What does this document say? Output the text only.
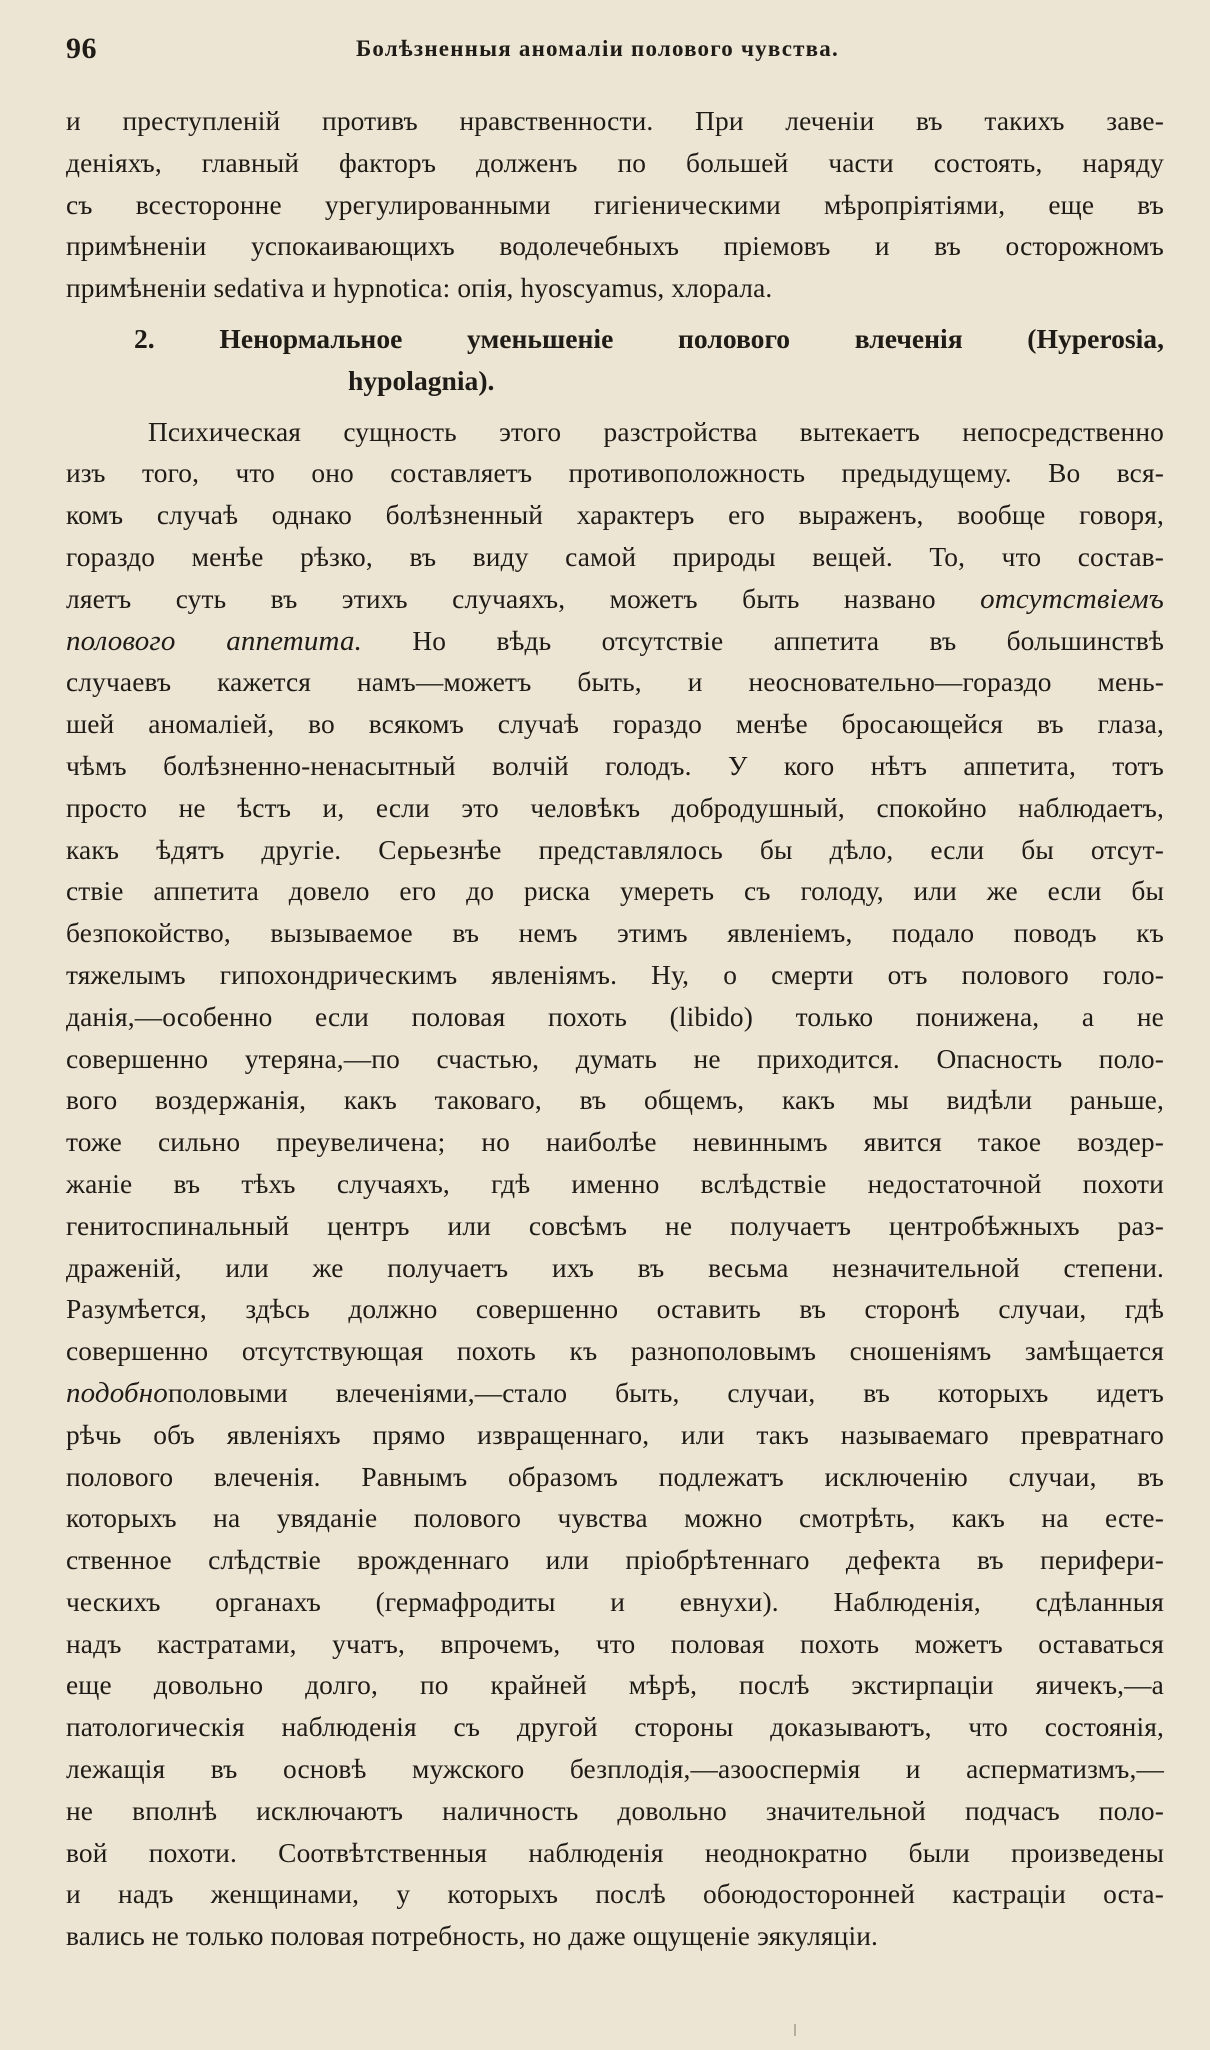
96	Болѣзненныя аномаліи полового чувства.
и преступленій противъ нравственности. При леченіи въ такихъ заве-
деніяхъ, главный факторъ долженъ по большей части состоять, наряду
съ всесторонне урегулированными гигіеническими мѣропріятіями, еще въ
примѣненіи успокаивающихъ водолечебныхъ пріемовъ и въ осторожномъ
примѣненіи sedativa и hypnotica: опія, hyoscyamus, хлорала.
2. Ненормальное уменьшеніе полового влеченія (Hyperosia,
hypolagnia).
Психическая сущность этого разстройства вытекаетъ непосредственно
изъ того, что оно составляетъ противоположность предыдущему. Во вся-
комъ случаѣ однако болѣзненный характеръ его выраженъ, вообще говоря,
гораздо менѣе рѣзко, въ виду самой природы вещей. То, что состав-
ляетъ суть въ этихъ случаяхъ, можетъ быть названо отсутствіемъ
полового аппетита. Но вѣдь отсутствіе аппетита въ большинствѣ
случаевъ кажется намъ—можетъ быть, и неосновательно—гораздо мень-
шей аномаліей, во всякомъ случаѣ гораздо менѣе бросающейся въ глаза,
чѣмъ болѣзненно-ненасытный волчій голодъ. У кого нѣтъ аппетита, тотъ
просто не ѣстъ и, если это человѣкъ добродушный, спокойно наблюдаетъ,
какъ ѣдятъ другіе. Серьезнѣе представлялось бы дѣло, если бы отсут-
ствіе аппетита довело его до риска умереть съ голоду, или же если бы
безпокойство, вызываемое въ немъ этимъ явленіемъ, подало поводъ къ
тяжелымъ гипохондрическимъ явленіямъ. Ну, о смерти отъ полового голо-
данія,—особенно если половая похоть (libido) только понижена, а не
совершенно утеряна,—по счастью, думать не приходится. Опасность поло-
вого воздержанія, какъ таковаго, въ общемъ, какъ мы видѣли раньше,
тоже сильно преувеличена; но наиболѣе невиннымъ явится такое воздер-
жаніе въ тѣхъ случаяхъ, гдѣ именно вслѣдствіе недостаточной похоти
генитоспинальный центръ или совсѣмъ не получаетъ центробѣжныхъ раз-
драженій, или же получаетъ ихъ въ весьма незначительной степени.
Разумѣется, здѣсь должно совершенно оставить въ сторонѣ случаи, гдѣ
совершенно отсутствующая похоть къ разнополовымъ сношеніямъ замѣщается
подобнополовыми влеченіями,—стало быть, случаи, въ которыхъ идетъ
рѣчь объ явленіяхъ прямо извращеннаго, или такъ называемаго превратнаго
полового влеченія. Равнымъ образомъ подлежатъ исключенію случаи, въ
которыхъ на увяданіе полового чувства можно смотрѣть, какъ на есте-
ственное слѣдствіе врожденнаго или пріобрѣтеннаго дефекта въ перифери-
ческихъ органахъ (гермафродиты и евнухи). Наблюденія, сдѣланныя
надъ кастратами, учатъ, впрочемъ, что половая похоть можетъ оставаться
еще довольно долго, по крайней мѣрѣ, послѣ экстирпаціи яичекъ,—а
патологическія наблюденія съ другой стороны доказываютъ, что состоянія,
лежащія въ основѣ мужского безплодія,—азооспермія и асперматизмъ,—
не вполнѣ исключаютъ наличность довольно значительной подчасъ поло-
вой похоти. Соотвѣтственныя наблюденія неоднократно были произведены
и надъ женщинами, у которыхъ послѣ обоюдосторонней кастраціи оста-
вались не только половая потребность, но даже ощущеніе эякуляціи.
